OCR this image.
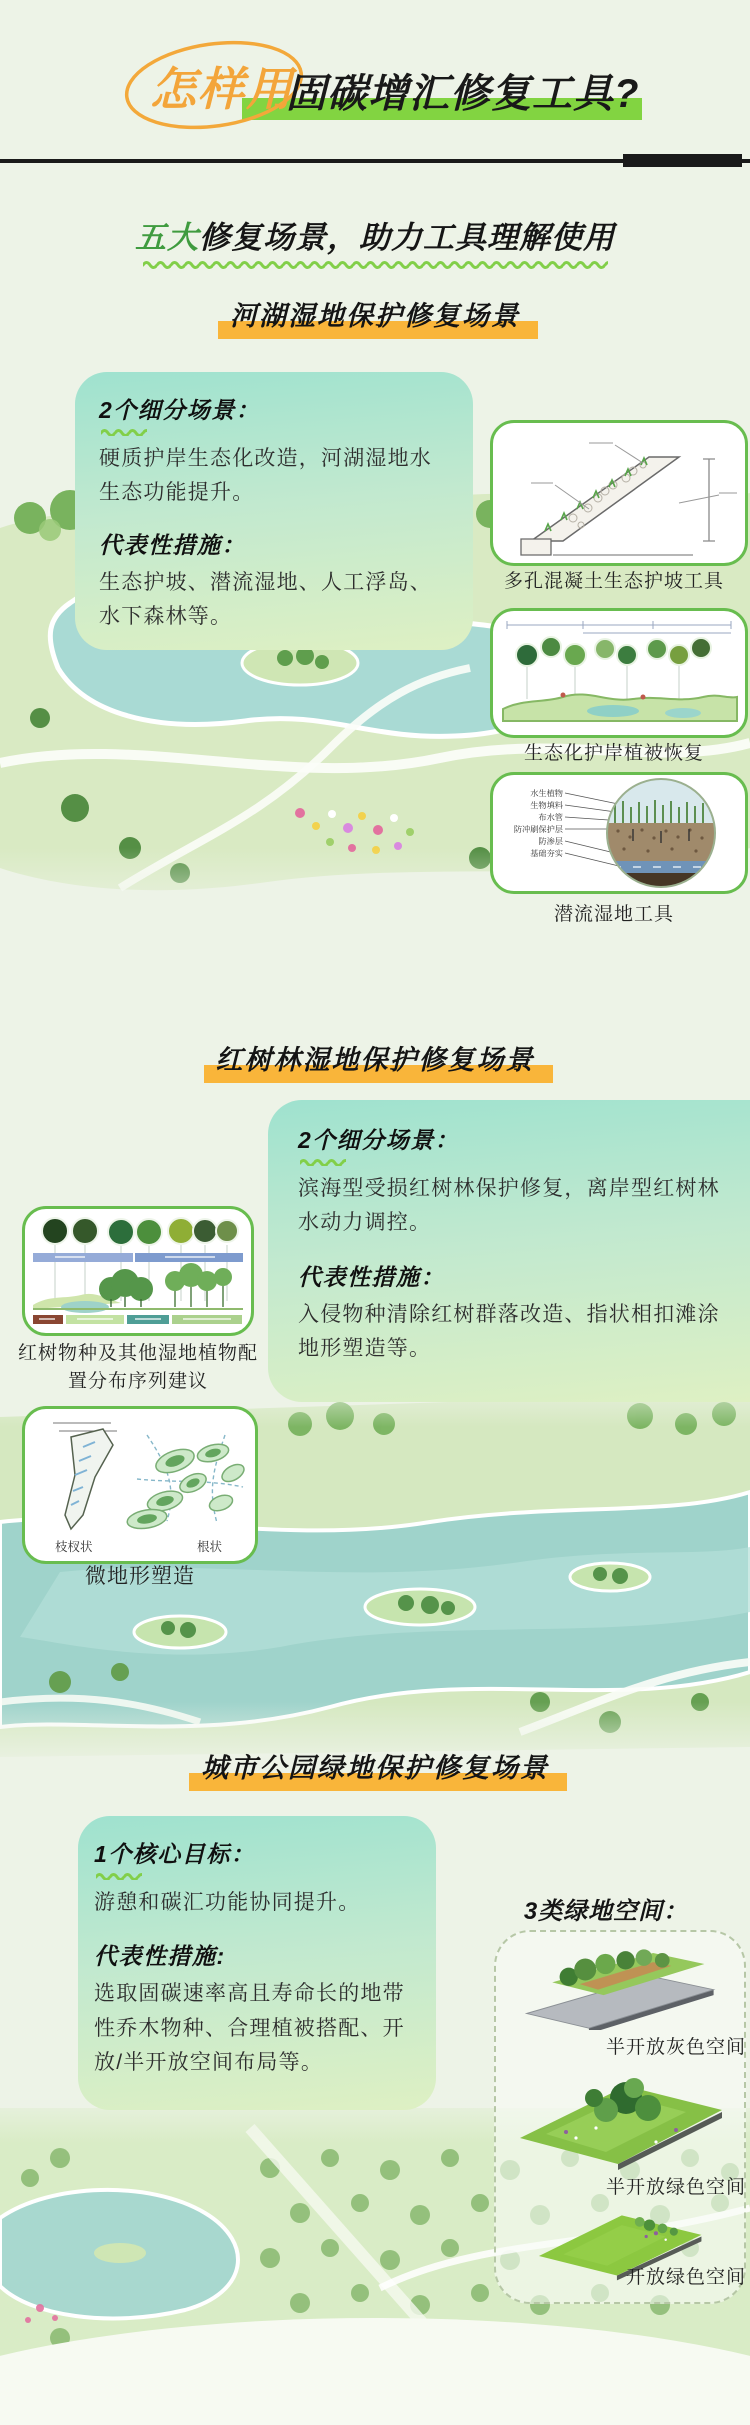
怎样用
固碳增汇修复工具?
五大修复场景，助力工具理解使用
河湖湿地保护修复场景
2个细分场景：
硬质护岸生态化改造，河湖湿地水生态功能提升。
代表性措施：
生态护坡、潜流湿地、人工浮岛、水下森林等。
多孔混凝土生态护坡工具
生态化护岸植被恢复
水生植物
生物填料
布水管
防冲刷保护层
防渗层
基础夯实
潜流湿地工具
红树林湿地保护修复场景
2个细分场景：
滨海型受损红树林保护修复，离岸型红树林水动力调控。
代表性措施：
入侵物种清除红树群落改造、指状相扣滩涂地形塑造等。
红树物种及其他湿地植物配置分布序列建议
枝杈状	根状
微地形塑造
城市公园绿地保护修复场景
1个核心目标：
游憩和碳汇功能协同提升。
代表性措施:
选取固碳速率高且寿命长的地带性乔木物种、合理植被搭配、开放/半开放空间布局等。
3类绿地空间：
半开放灰色空间
半开放绿色空间
开放绿色空间
